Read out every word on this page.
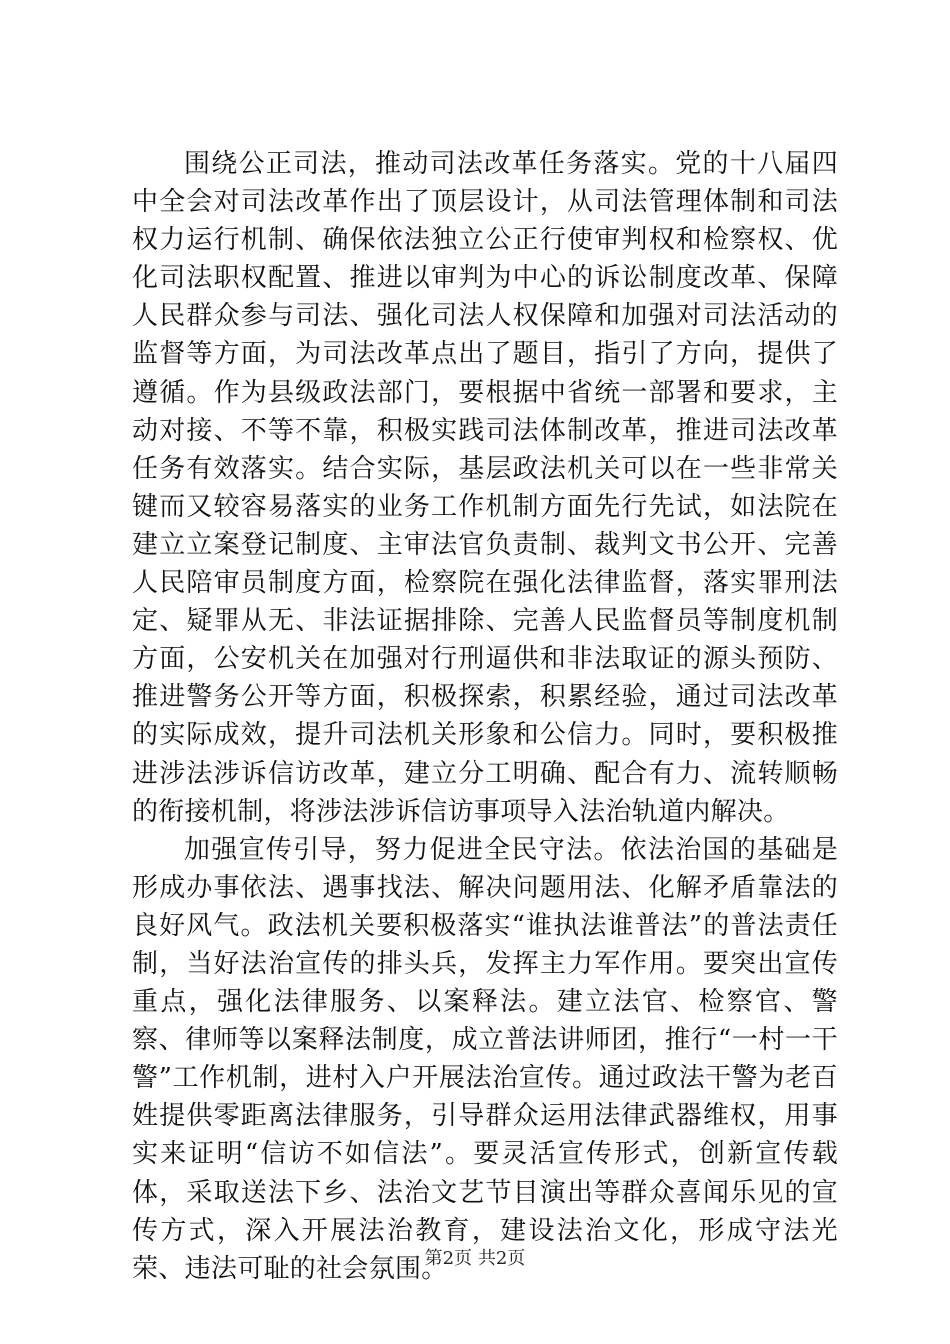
围绕公正司法，推动司法改革任务落实。党的十八届四中全会对司法改革作出了顶层设计，从司法管理体制和司法权力运行机制、确保依法独立公正行使审判权和检察权、优化司法职权配置、推进以审判为中心的诉讼制度改革、保障人民群众参与司法、强化司法人权保障和加强对司法活动的监督等方面，为司法改革点出了题目，指引了方向，提供了遵循。作为县级政法部门，要根据中省统一部署和要求，主动对接、不等不靠，积极实践司法体制改革，推进司法改革任务有效落实。结合实际，基层政法机关可以在一些非常关键而又较容易落实的业务工作机制方面先行先试，如法院在建立立案登记制度、主审法官负责制、裁判文书公开、完善人民陪审员制度方面，检察院在强化法律监督，落实罪刑法定、疑罪从无、非法证据排除、完善人民监督员等制度机制方面，公安机关在加强对行刑逼供和非法取证的源头预防、推进警务公开等方面，积极探索，积累经验，通过司法改革的实际成效，提升司法机关形象和公信力。同时，要积极推进涉法涉诉信访改革，建立分工明确、配合有力、流转顺畅的衔接机制，将涉法涉诉信访事项导入法治轨道内解决。

加强宣传引导，努力促进全民守法。依法治国的基础是形成办事依法、遇事找法、解决问题用法、化解矛盾靠法的良好风气。政法机关要积极落实“谁执法谁普法”的普法责任制，当好法治宣传的排头兵，发挥主力军作用。要突出宣传重点，强化法律服务、以案释法。建立法官、检察官、警察、律师等以案释法制度，成立普法讲师团，推行“一村一干警”工作机制，进村入户开展法治宣传。通过政法干警为老百姓提供零距离法律服务，引导群众运用法律武器维权，用事实来证明“信访不如信法”。要灵活宣传形式，创新宣传载体，采取送法下乡、法治文艺节目演出等群众喜闻乐见的宣传方式，深入开展法治教育，建设法治文化，形成守法光荣、违法可耻的社会氛围。

第2页 共2页
